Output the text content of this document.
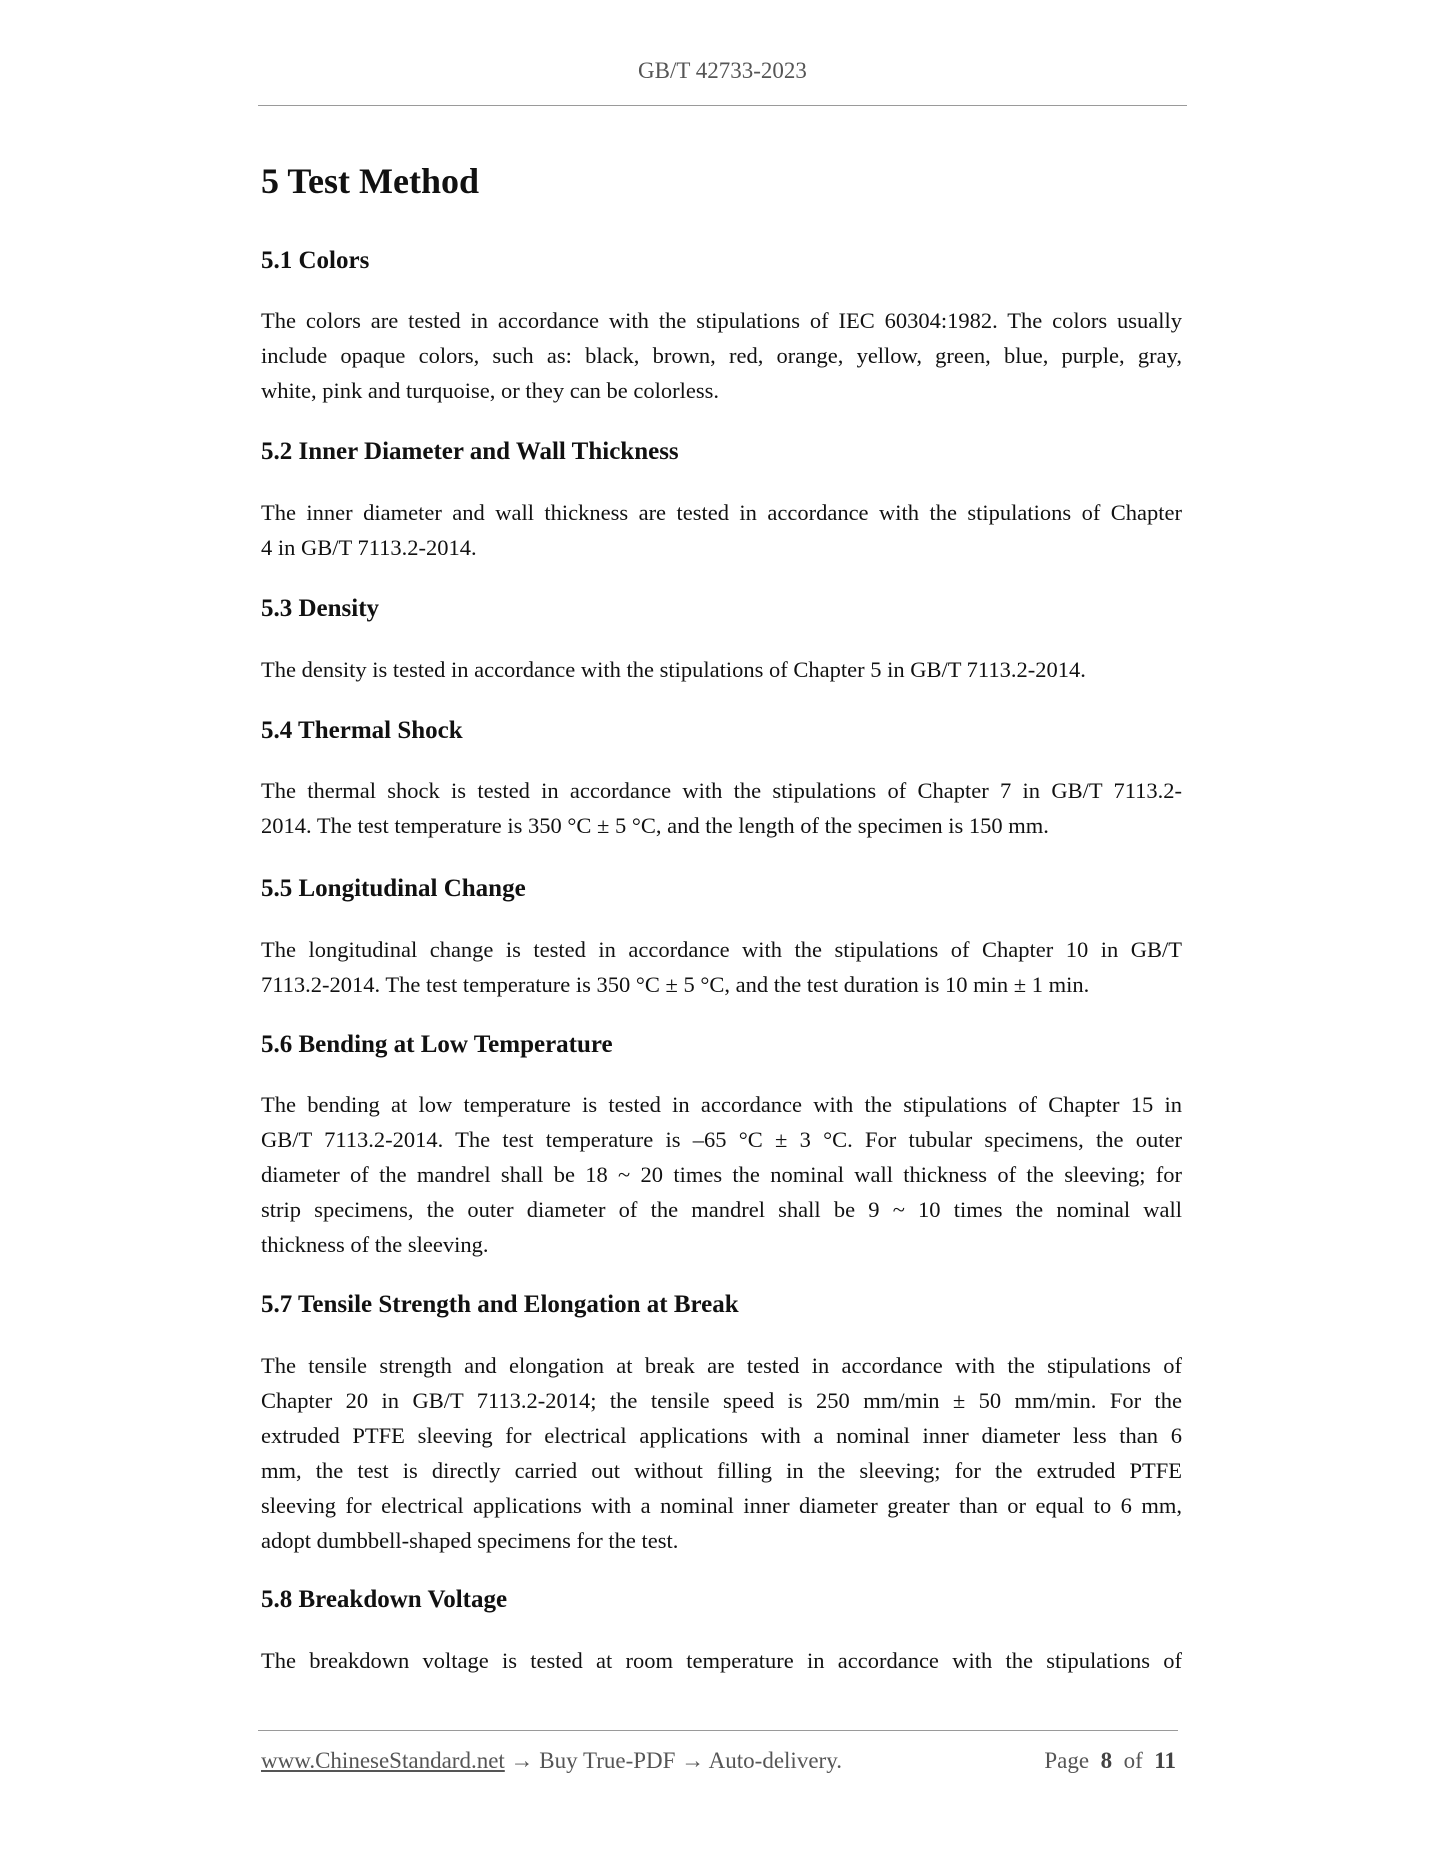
GB/T 42733-2023
5 Test Method
5.1 Colors
The colors are tested in accordance with the stipulations of IEC 60304:1982. The colors usually
include opaque colors, such as: black, brown, red, orange, yellow, green, blue, purple, gray,
white, pink and turquoise, or they can be colorless.
5.2 Inner Diameter and Wall Thickness
The inner diameter and wall thickness are tested in accordance with the stipulations of Chapter
4 in GB/T 7113.2-2014.
5.3 Density
The density is tested in accordance with the stipulations of Chapter 5 in GB/T 7113.2-2014.
5.4 Thermal Shock
The thermal shock is tested in accordance with the stipulations of Chapter 7 in GB/T 7113.2-
2014. The test temperature is 350 °C ± 5 °C, and the length of the specimen is 150 mm.
5.5 Longitudinal Change
The longitudinal change is tested in accordance with the stipulations of Chapter 10 in GB/T
7113.2-2014. The test temperature is 350 °C ± 5 °C, and the test duration is 10 min ± 1 min.
5.6 Bending at Low Temperature
The bending at low temperature is tested in accordance with the stipulations of Chapter 15 in
GB/T 7113.2-2014. The test temperature is –65 °C ± 3 °C. For tubular specimens, the outer
diameter of the mandrel shall be 18 ~ 20 times the nominal wall thickness of the sleeving; for
strip specimens, the outer diameter of the mandrel shall be 9 ~ 10 times the nominal wall
thickness of the sleeving.
5.7 Tensile Strength and Elongation at Break
The tensile strength and elongation at break are tested in accordance with the stipulations of
Chapter 20 in GB/T 7113.2-2014; the tensile speed is 250 mm/min ± 50 mm/min. For the
extruded PTFE sleeving for electrical applications with a nominal inner diameter less than 6
mm, the test is directly carried out without filling in the sleeving; for the extruded PTFE
sleeving for electrical applications with a nominal inner diameter greater than or equal to 6 mm,
adopt dumbbell-shaped specimens for the test.
5.8 Breakdown Voltage
The breakdown voltage is tested at room temperature in accordance with the stipulations of
www.ChineseStandard.net → Buy True-PDF → Auto-delivery.	Page 8 of 11
